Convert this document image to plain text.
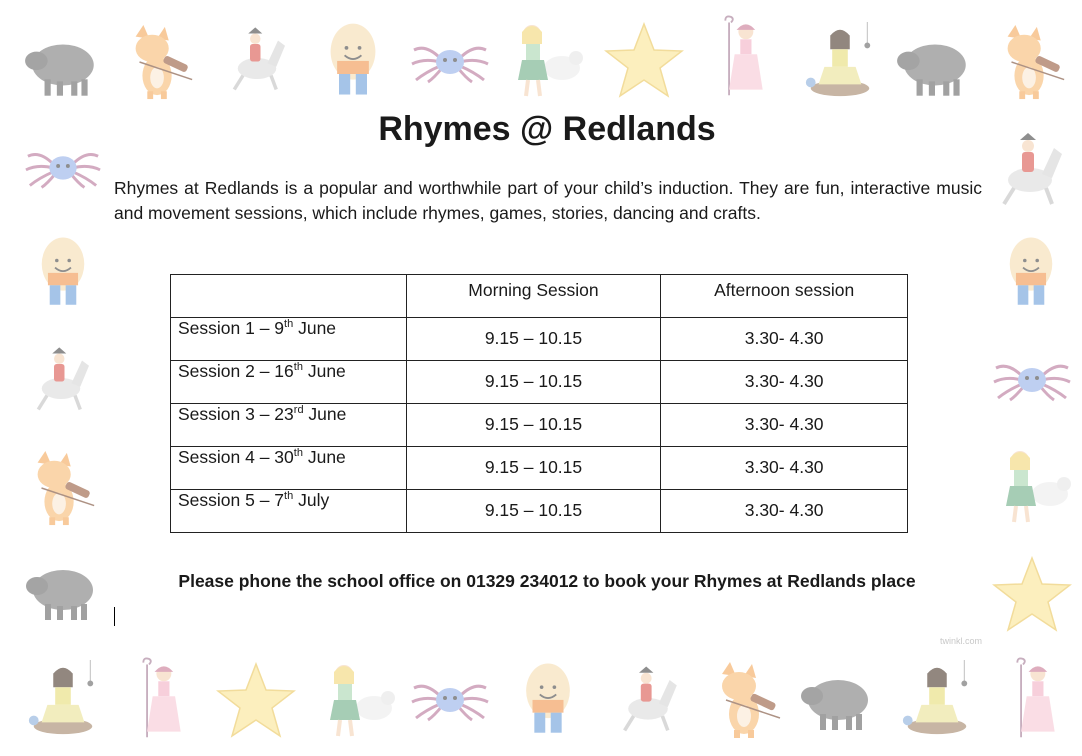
Rhymes @ Redlands

Rhymes at Redlands is a popular and worthwhile part of your child’s induction. They are fun, interactive music and movement sessions, which include rhymes, games, stories, dancing and crafts.

	Morning Session	Afternoon session
Session 1 – 9th June	9.15 – 10.15	3.30- 4.30
Session 2 – 16th June	9.15 – 10.15	3.30- 4.30
Session 3 – 23rd June	9.15 – 10.15	3.30- 4.30
Session 4 – 30th June	9.15 – 10.15	3.30- 4.30
Session 5 – 7th July	9.15 – 10.15	3.30- 4.30

Please phone the school office on 01329 234012 to book your Rhymes at Redlands place

twinkl.com
